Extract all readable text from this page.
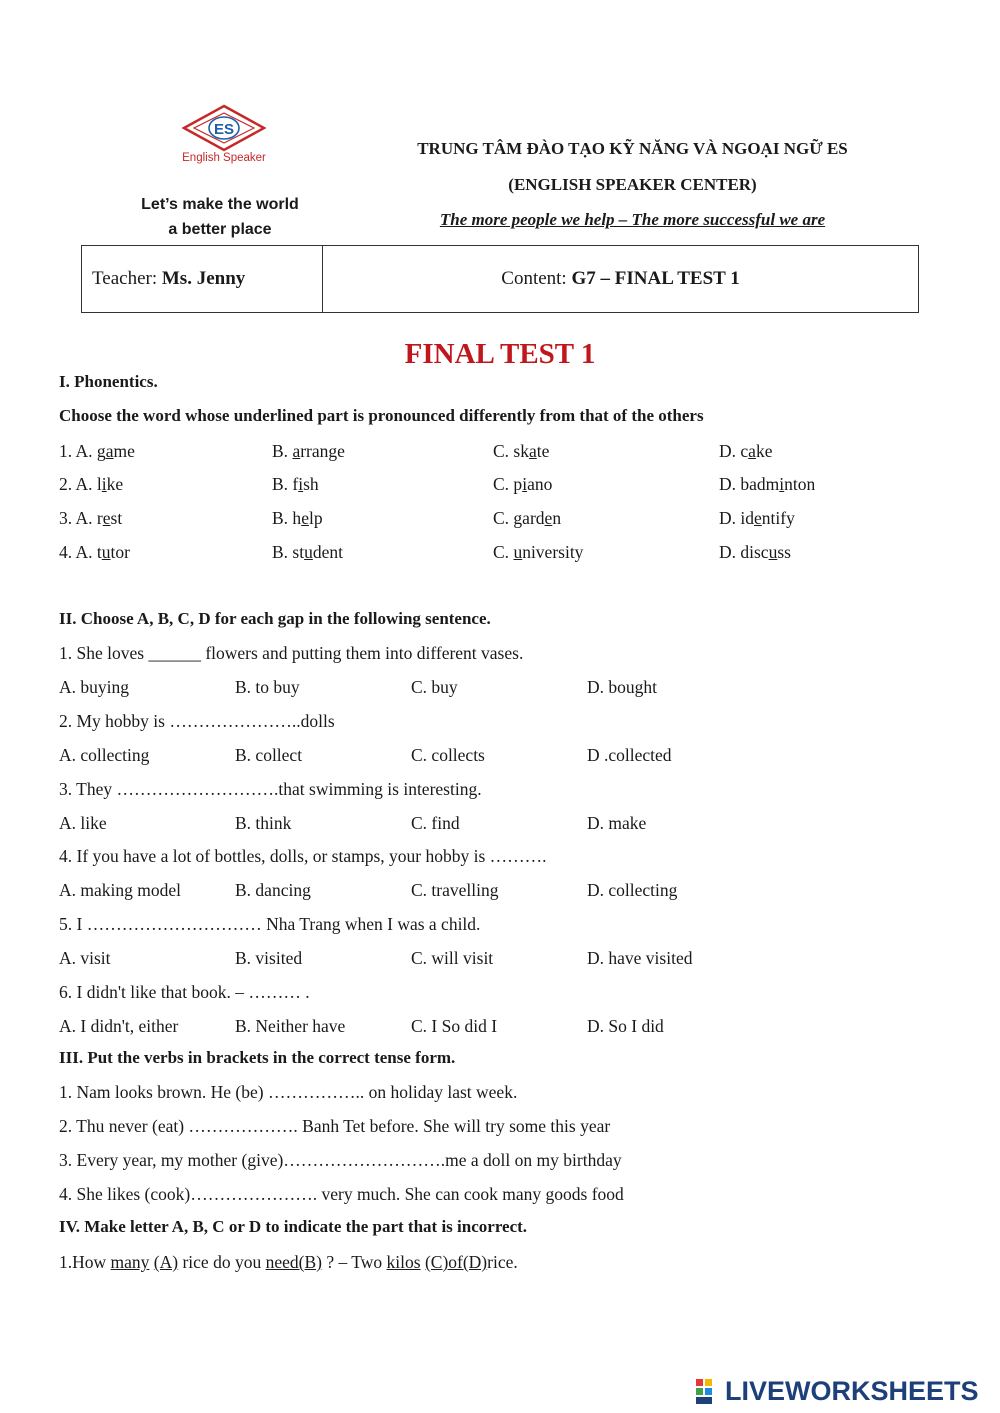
ES
English Speaker
Let’s make the world
a better place
TRUNG TÂM ĐÀO TẠO KỸ NĂNG VÀ NGOẠI NGỮ ES
(ENGLISH SPEAKER CENTER)
The more people we help – The more successful we are
Teacher: Ms. Jenny	Content: G7 – FINAL TEST 1
FINAL TEST 1
I. Phonentics.
Choose the word whose underlined part is pronounced differently from that of the others
1. A. game	B. arrange	C. skate	D. cake
2. A. like	B. fish	C. piano	D. badminton
3. A. rest	B. help	C. garden	D. identify
4. A. tutor	B. student	C. university	D. discuss
II. Choose A, B, C, D for each gap in the following sentence.
1. She loves ______ flowers and putting them into different vases.
A. buying	B. to buy	C. buy	D. bought
2. My hobby is …………………..dolls
A. collecting	B. collect	C. collects	D .collected
3. They ……………………….that swimming is interesting.
A. like	B. think	C. find	D. make
4. If you have a lot of bottles, dolls, or stamps, your hobby is ……….
A. making model	B. dancing	C. travelling	D. collecting
5. I ………………………… Nha Trang when I was a child.
A. visit	B. visited	C. will visit	D. have visited
6. I didn't like that book. – ……… .
A. I didn't, either	B. Neither have	C. I So did I	D. So I did
III. Put the verbs in brackets in the correct tense form.
1. Nam looks brown. He (be) …………….. on holiday last week.
2. Thu never (eat) ………………. Banh Tet before. She will try some this year
3. Every year, my mother (give)……………………….me a doll on my birthday
4. She likes (cook)…………………. very much. She can cook many goods food
IV. Make letter A, B, C or D to indicate the part that is incorrect.
1.How many (A) rice do you need(B) ? – Two kilos (C)of(D)rice.
LIVEWORKSHEETS
